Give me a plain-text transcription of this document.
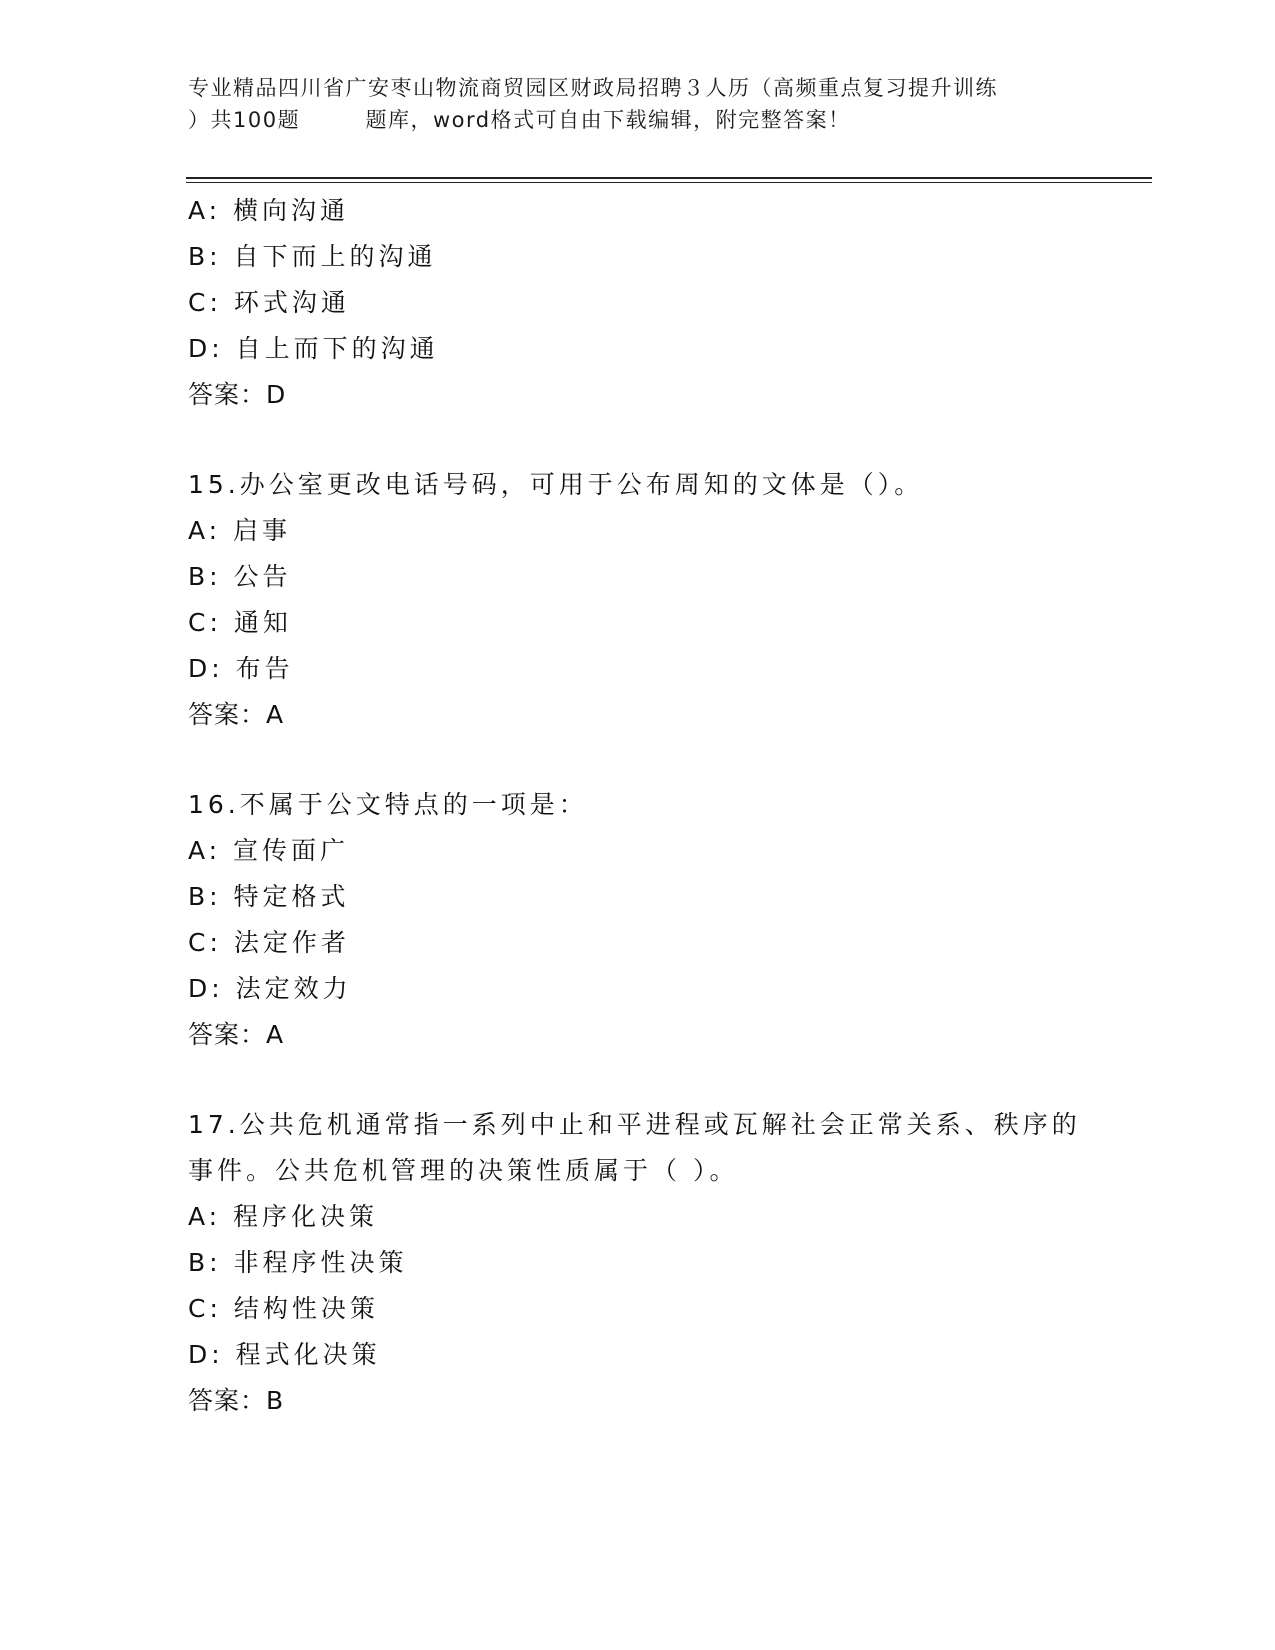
专业精品四川省广安枣山物流商贸园区财政局招聘３人历（高频重点复习提升训练
）共100题        题库，word格式可自由下载编辑，附完整答案！
A: 横向沟通
B: 自下而上的沟通
C: 环式沟通
D: 自上而下的沟通
答案：D
15.办公室更改电话号码，可用于公布周知的文体是（）。
A: 启事
B: 公告
C: 通知
D: 布告
答案：A
16.不属于公文特点的一项是：
A: 宣传面广
B: 特定格式
C: 法定作者
D: 法定效力
答案：A
17.公共危机通常指一系列中止和平进程或瓦解社会正常关系、秩序的
事件。公共危机管理的决策性质属于（ ）。
A: 程序化决策
B: 非程序性决策
C: 结构性决策
D: 程式化决策
答案：B
